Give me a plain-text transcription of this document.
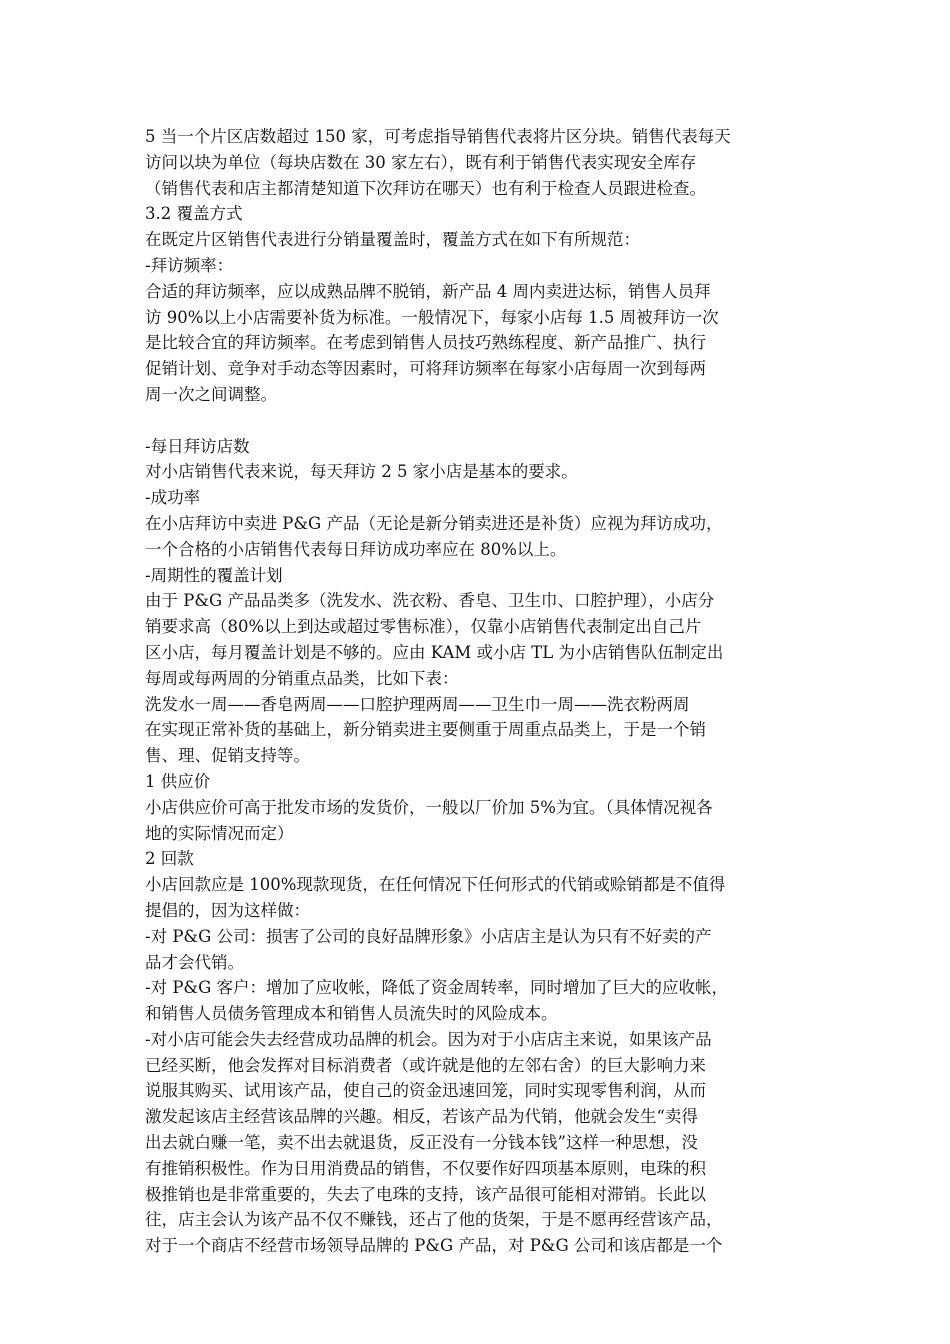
5 当一个片区店数超过 150 家，可考虑指导销售代表将片区分块。销售代表每天
访问以块为单位（每块店数在 30 家左右），既有利于销售代表实现安全库存
（销售代表和店主都清楚知道下次拜访在哪天）也有利于检查人员跟进检查。
3.2 覆盖方式
在既定片区销售代表进行分销量覆盖时，覆盖方式在如下有所规范：
-拜访频率：
合适的拜访频率，应以成熟品牌不脱销，新产品 4 周内卖进达标，销售人员拜
访 90%以上小店需要补货为标准。一般情况下，每家小店每 1.5 周被拜访一次
是比较合宜的拜访频率。在考虑到销售人员技巧熟练程度、新产品推广、执行
促销计划、竞争对手动态等因素时，可将拜访频率在每家小店每周一次到每两
周一次之间调整。
-每日拜访店数
对小店销售代表来说，每天拜访 2 5 家小店是基本的要求。
-成功率
在小店拜访中卖进 P&G 产品（无论是新分销卖进还是补货）应视为拜访成功，
一个合格的小店销售代表每日拜访成功率应在 80%以上。
-周期性的覆盖计划
由于 P&G 产品品类多（洗发水、洗衣粉、香皂、卫生巾、口腔护理），小店分
销要求高（80%以上到达或超过零售标准），仅靠小店销售代表制定出自己片
区小店，每月覆盖计划是不够的。应由 KAM 或小店 TL 为小店销售队伍制定出
每周或每两周的分销重点品类，比如下表：
洗发水一周——香皂两周——口腔护理两周——卫生巾一周——洗衣粉两周
在实现正常补货的基础上，新分销卖进主要侧重于周重点品类上，于是一个销
售、理、促销支持等。
1 供应价
小店供应价可高于批发市场的发货价，一般以厂价加 5%为宜。（具体情况视各
地的实际情况而定）
2 回款
小店回款应是 100%现款现货，在任何情况下任何形式的代销或赊销都是不值得
提倡的，因为这样做：
-对 P&G 公司：损害了公司的良好品牌形象》小店店主是认为只有不好卖的产
品才会代销。
-对 P&G 客户：增加了应收帐，降低了资金周转率，同时增加了巨大的应收帐，
和销售人员债务管理成本和销售人员流失时的风险成本。
-对小店可能会失去经营成功品牌的机会。因为对于小店店主来说，如果该产品
已经买断，他会发挥对目标消费者（或许就是他的左邻右舍）的巨大影响力来
说服其购买、试用该产品，使自己的资金迅速回笼，同时实现零售利润，从而
激发起该店主经营该品牌的兴趣。相反，若该产品为代销，他就会发生“卖得
出去就白赚一笔，卖不出去就退货，反正没有一分钱本钱”这样一种思想，没
有推销积极性。作为日用消费品的销售，不仅要作好四项基本原则，电珠的积
极推销也是非常重要的，失去了电珠的支持，该产品很可能相对滞销。长此以
往，店主会认为该产品不仅不赚钱，还占了他的货架，于是不愿再经营该产品，
对于一个商店不经营市场领导品牌的 P&G 产品，对 P&G 公司和该店都是一个
